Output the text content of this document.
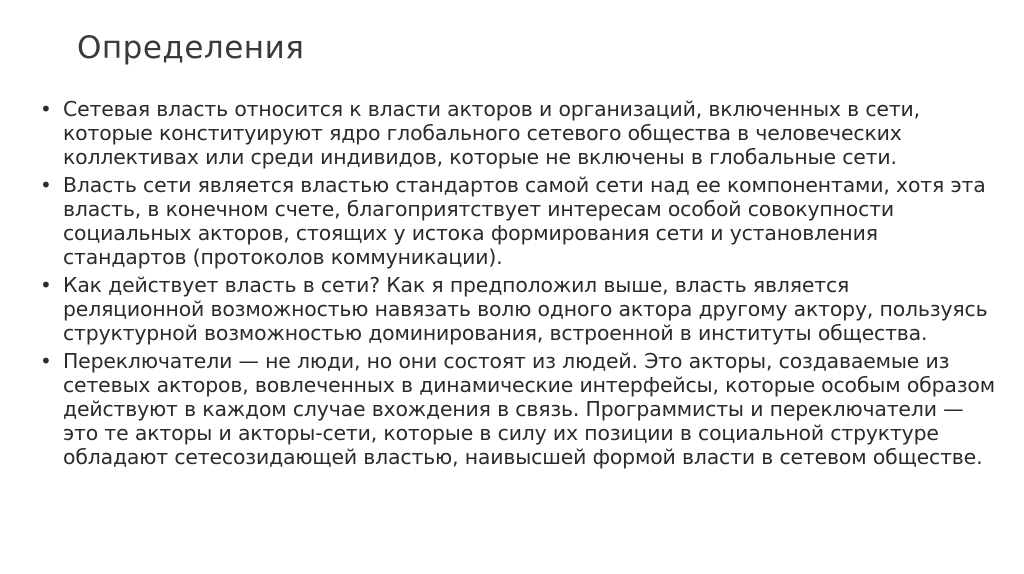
Определения
• Сетевая власть относится к власти акторов и организаций, включенных в сети, которые конституируют ядро глобального сетевого общества в человеческих коллективах или среди индивидов, которые не включены в глобальные сети.
• Власть сети является властью стандартов самой сети над ее компонентами, хотя эта власть, в конечном счете, благоприятствует интересам особой совокупности социальных акторов, стоящих у истока формирования сети и установления стандартов (протоколов коммуникации).
• Как действует власть в сети? Как я предположил выше, власть является реляционной возможностью навязать волю одного актора другому актору, пользуясь структурной возможностью доминирования, встроенной в институты общества.
• Переключатели — не люди, но они состоят из людей. Это акторы, создаваемые из сетевых акторов, вовлеченных в динамические интерфейсы, которые особым образом действуют в каждом случае вхождения в связь. Программисты и переключатели — это те акторы и акторы-сети, которые в силу их позиции в социальной структуре обладают сетесозидающей властью, наивысшей формой власти в сетевом обществе.
